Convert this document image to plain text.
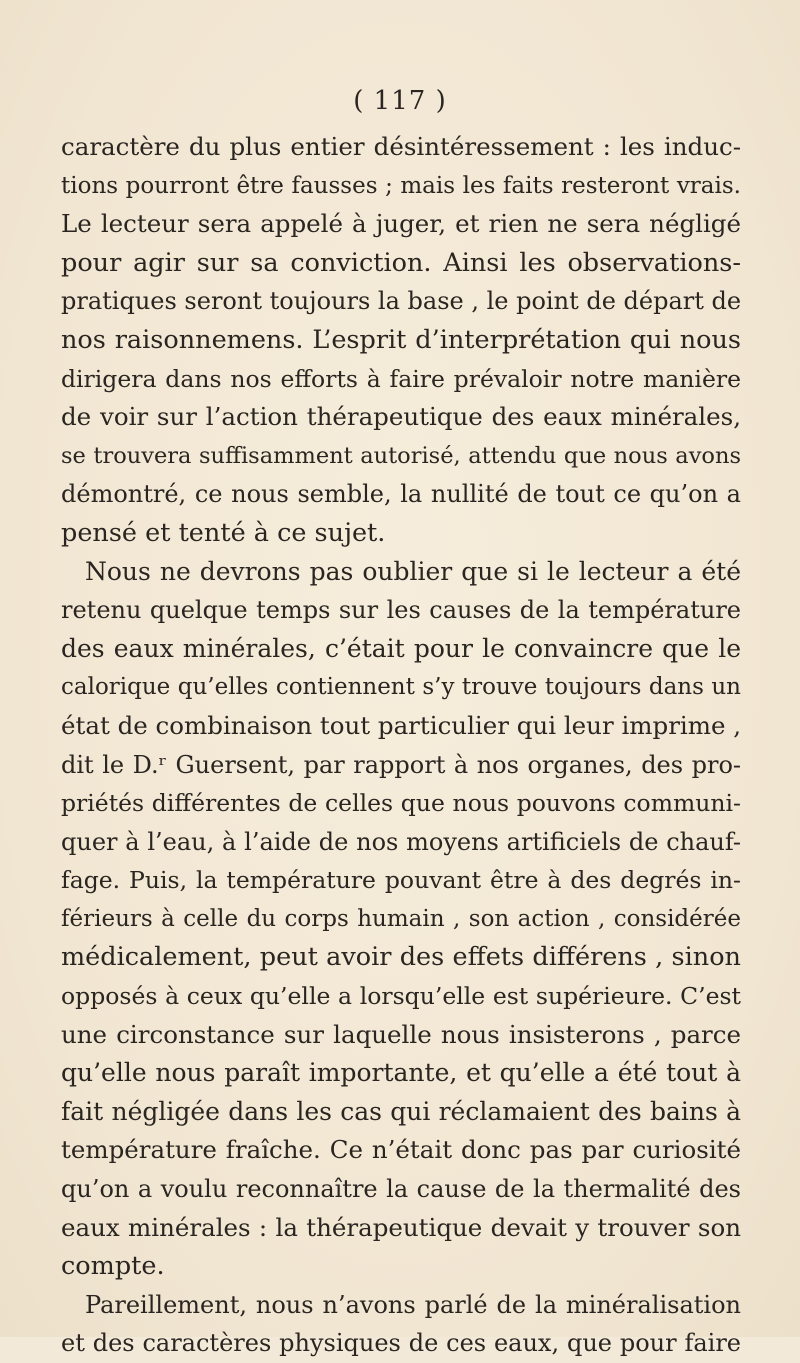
( 117 )
caractère du plus entier désintéressement : les induc-
tions pourront être fausses ; mais les faits resteront vrais.
Le lecteur sera appelé à juger, et rien ne sera négligé
pour agir sur sa conviction. Ainsi les observations-
pratiques seront toujours la base , le point de départ de
nos raisonnemens. L’esprit d’interprétation qui nous
dirigera dans nos efforts à faire prévaloir notre manière
de voir sur l’action thérapeutique des eaux minérales,
se trouvera suffisamment autorisé, attendu que nous avons
démontré, ce nous semble, la nullité de tout ce qu’on a
pensé et tenté à ce sujet.
Nous ne devrons pas oublier que si le lecteur a été
retenu quelque temps sur les causes de la température
des eaux minérales, c’était pour le convaincre que le
calorique qu’elles contiennent s’y trouve toujours dans un
état de combinaison tout particulier qui leur imprime ,
dit le D.ʳ Guersent, par rapport à nos organes, des pro-
priétés différentes de celles que nous pouvons communi-
quer à l’eau, à l’aide de nos moyens artificiels de chauf-
fage. Puis, la température pouvant être à des degrés in-
férieurs à celle du corps humain , son action , considérée
médicalement, peut avoir des effets différens , sinon
opposés à ceux qu’elle a lorsqu’elle est supérieure. C’est
une circonstance sur laquelle nous insisterons , parce
qu’elle nous paraît importante, et qu’elle a été tout à
fait négligée dans les cas qui réclamaient des bains à
température fraîche. Ce n’était donc pas par curiosité
qu’on a voulu reconnaître la cause de la thermalité des
eaux minérales : la thérapeutique devait y trouver son
compte.
Pareillement, nous n’avons parlé de la minéralisation
et des caractères physiques de ces eaux, que pour faire
